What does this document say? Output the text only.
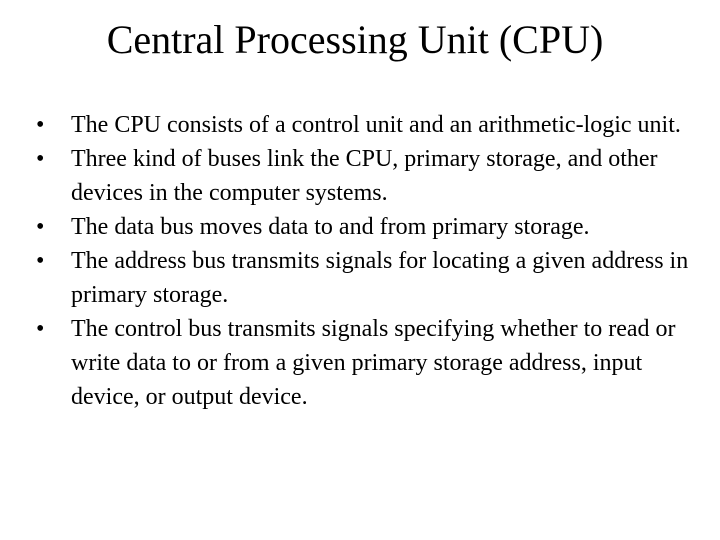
Central Processing Unit (CPU)
•	The CPU consists of a control unit and an arithmetic-logic unit.
•	Three kind of buses link the CPU, primary storage, and other devices in the computer systems.
•	The data bus moves data to and from primary storage.
•	The address bus transmits signals for locating a given address in primary storage.
•	The control bus transmits signals specifying whether to read or write data to or from a given primary storage address, input device, or output device.
